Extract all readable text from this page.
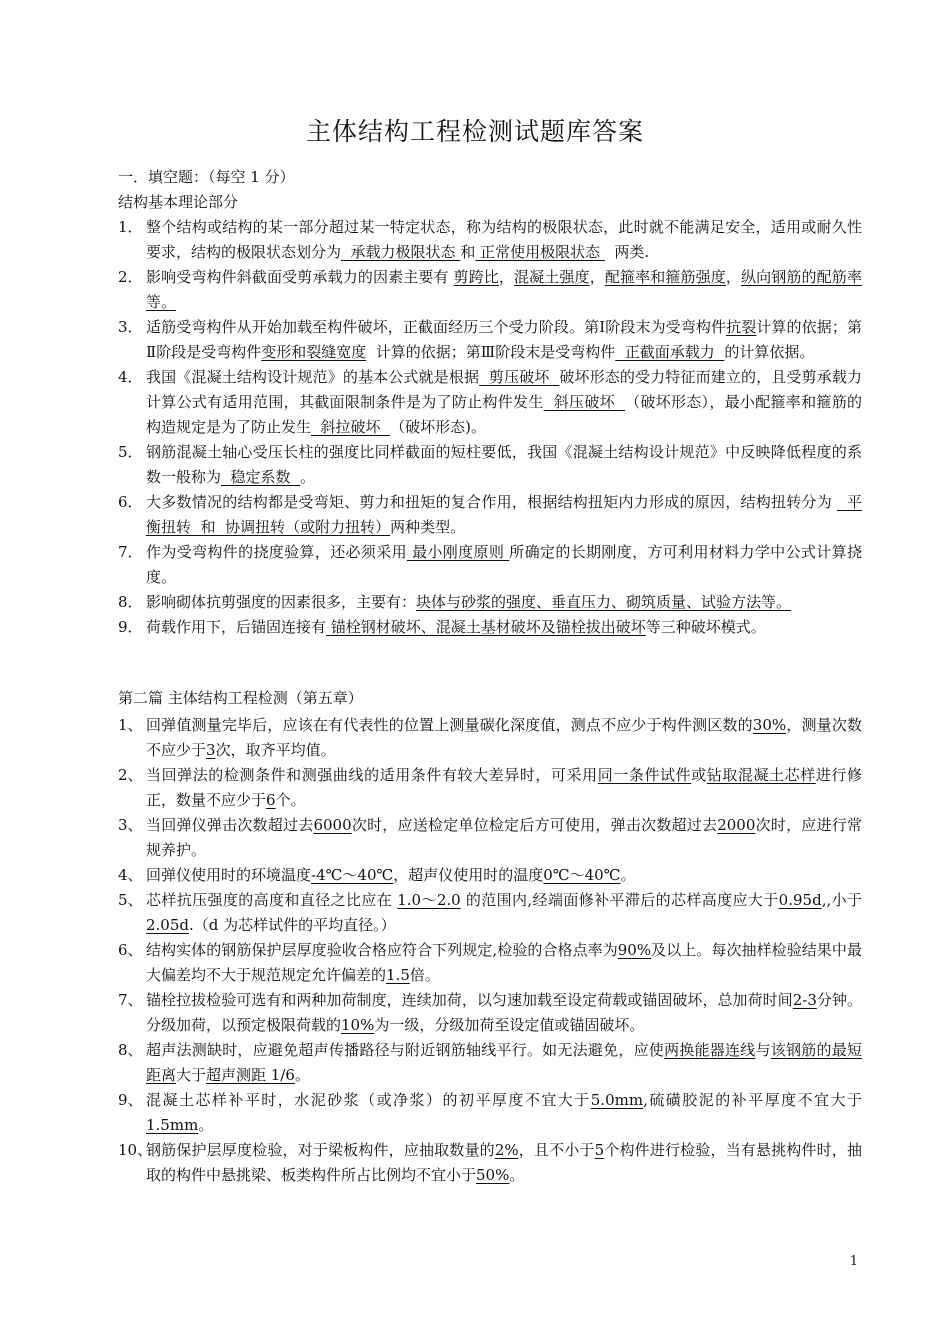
主体结构工程检测试题库答案
一．填空题：（每空 1 分）
结构基本理论部分
1． 整个结构或结构的某一部分超过某一特定状态，称为结构的极限状态，此时就不能满足安全，适用或耐久性要求，结构的极限状态划分为  承载力极限状态 和 正常使用极限状态   两类.
2． 影响受弯构件斜截面受剪承载力的因素主要有 剪跨比，混凝土强度，配箍率和箍筋强度，纵向钢筋的配筋率等。
3． 适筋受弯构件从开始加载至构件破坏，正截面经历三个受力阶段。第Ⅰ阶段末为受弯构件抗裂计算的依据；第Ⅱ阶段是受弯构件变形和裂缝宽度  计算的依据；第Ⅲ阶段末是受弯构件  正截面承载力  的计算依据。
4． 我国《混凝土结构设计规范》的基本公式就是根据  剪压破坏  破坏形态的受力特征而建立的，且受剪承载力计算公式有适用范围，其截面限制条件是为了防止构件发生  斜压破坏  （破坏形态），最小配箍率和箍筋的构造规定是为了防止发生  斜拉破坏  （破坏形态)。
5． 钢筋混凝土轴心受压长柱的强度比同样截面的短柱要低，我国《混凝土结构设计规范》中反映降低程度的系数一般称为  稳定系数  。
6． 大多数情况的结构都是受弯矩、剪力和扭矩的复合作用，根据结构扭矩内力形成的原因，结构扭转分为   平衡扭转  和  协调扭转（或附力扭转）两种类型。
7． 作为受弯构件的挠度验算，还必须采用 最小刚度原则 所确定的长期刚度，方可利用材料力学中公式计算挠度。
8． 影响砌体抗剪强度的因素很多，主要有：块体与砂浆的强度、垂直压力、砌筑质量、试验方法等。
9． 荷载作用下，后锚固连接有 锚栓钢材破坏、混凝土基材破坏及锚栓拔出破坏等三种破坏模式。
第二篇 主体结构工程检测（第五章）
1、 回弹值测量完毕后，应该在有代表性的位置上测量碳化深度值，测点不应少于构件测区数的30%，测量次数不应少于3次，取齐平均值。
2、 当回弹法的检测条件和测强曲线的适用条件有较大差异时，可采用同一条件试件或钻取混凝土芯样进行修正，数量不应少于6个。
3、 当回弹仪弹击次数超过去6000次时，应送检定单位检定后方可使用，弹击次数超过去2000次时，应进行常规养护。
4、 回弹仪使用时的环境温度-4℃～40℃，超声仪使用时的温度0℃～40℃。
5、 芯样抗压强度的高度和直径之比应在 1.0～2.0 的范围内,经端面修补平滞后的芯样高度应大于0.95d,,小于2.05d.（d 为芯样试件的平均直径。）
6、 结构实体的钢筋保护层厚度验收合格应符合下列规定,检验的合格点率为90%及以上。每次抽样检验结果中最大偏差均不大于规范规定允许偏差的1.5倍。
7、 锚栓拉拔检验可选有和两种加荷制度，连续加荷，以匀速加载至设定荷载或锚固破坏，总加荷时间2-3分钟。分级加荷，以预定极限荷载的10%为一级，分级加荷至设定值或锚固破坏。
8、 超声法测缺时，应避免超声传播路径与附近钢筋轴线平行。如无法避免，应使两换能器连线与该钢筋的最短距离大于超声测距 1/6。
9、 混凝土芯样补平时，水泥砂浆（或净浆）的初平厚度不宜大于5.0mm,硫磺胶泥的补平厚度不宜大于1.5mm。
10、
钢筋保护层厚度检验，对于梁板构件，应抽取数量的2%，且不小于5个构件进行检验，当有悬挑构件时，抽取的构件中悬挑梁、板类构件所占比例均不宜小于50%。
1
